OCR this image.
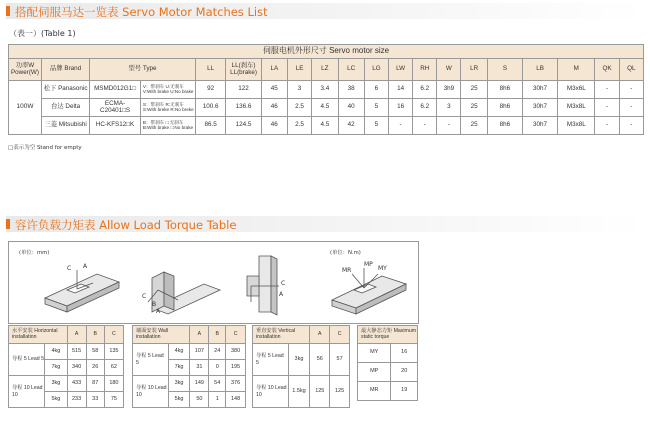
搭配伺服马达一览表 Servo Motor Matches List
（表一）(Table 1)
伺服电机外形尺寸 Servo motor size																			
功率W Power(W)	品牌 Brand	型号 Type		LL	LL(刹车) LL(brake)	LA	LE	LZ	LC	LG	LW	RH	W	LR	S	LB	M	QK	QL
100W	松下 Panasonic	MSMD012G1□	V：带刹车 U:无刹车 V:With brake U:No brake	92	122	45	3	3.4	38	6	14	6.2	3h9	25	8h6	30h7	M3x6L	-	-
	台达 Delta	ECMA-C20401□S	S：带刹车 R:无刹车 S:With breke R:No breke	100.6	136.6	46	2.5	4.5	40	5	16	6.2	3	25	8h6	30h7	M3x8L	-	-
	三菱 Mitsubishi	HC-KFS12□K	B：带刹车 □:无刹车 B:With brake □:No brake	86.5	124.5	46	2.5	4.5	42	5	-	-	-	25	8h6	30h7	M3x8L	-	-
□表示为空 Stand for empty
容许负载力矩表 Allow Load Torque Table
(单位：mm)
C A
C
B
A
C
A
(单位：N.m)
MR
MP
MY
水平安装 Horizontal installation		A	B	C
导程 5 Lead 5	4kg	515	58	135
	7kg	340	26	62
导程 10 Lead 10	3kg	433	87	180
	5kg	233	33	75
墙面安装 Wall installation		A	B	C
导程 5 Lead 5	4kg	107	24	380
	7kg	31	0	195
导程 10 Lead 10	3kg	149	54	376
	5kg	50	1	148
垂直安装 Vertical installation		A	C
导程 5 Lead 5	3kg	56	57
导程 10 Lead 10	1.5kg	125	125
最大静态力矩 Maximum static torque	
MY	16
MP	20
MR	19
